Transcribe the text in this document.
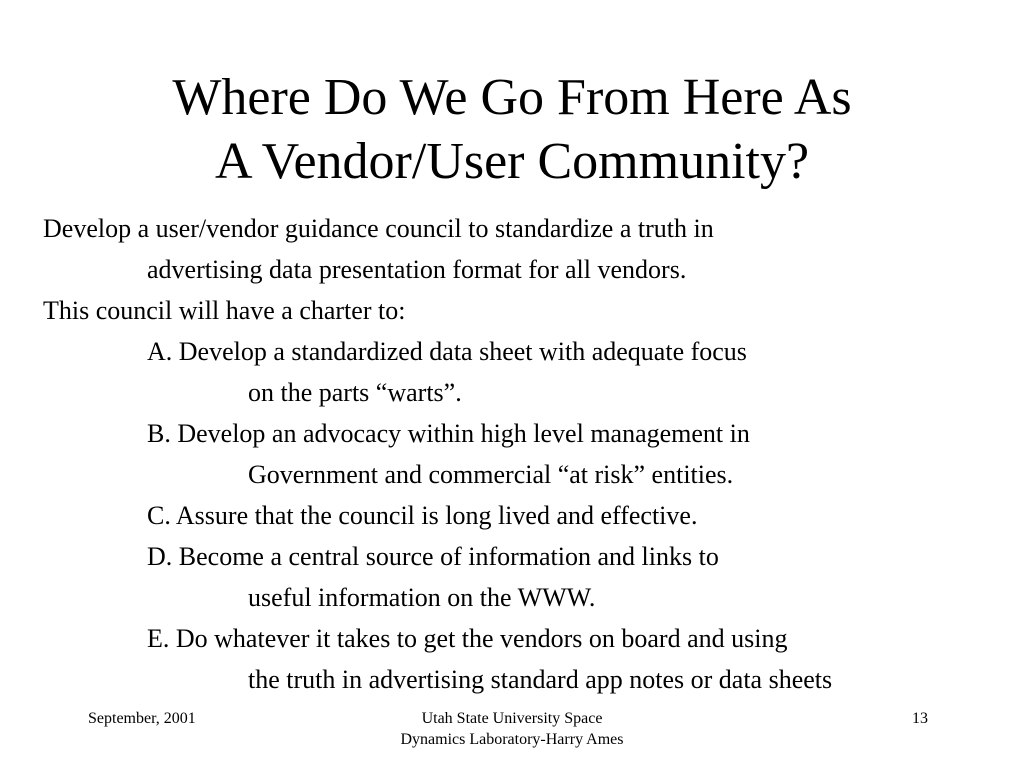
Where Do We Go From Here As
A Vendor/User Community?
Develop a user/vendor guidance council to standardize a truth in
advertising data presentation format for all vendors.
This council will have a charter to:
A. Develop a standardized data sheet with adequate focus
on the parts “warts”.
B. Develop an advocacy within high level management in
Government and commercial “at risk” entities.
C. Assure that the council is long lived and effective.
D. Become a central source of information and links to
useful information on the WWW.
E. Do whatever it takes to get the vendors on board and using
the truth in advertising standard app notes or data sheets
September, 2001	Utah State University Space
Dynamics Laboratory-Harry Ames
13
